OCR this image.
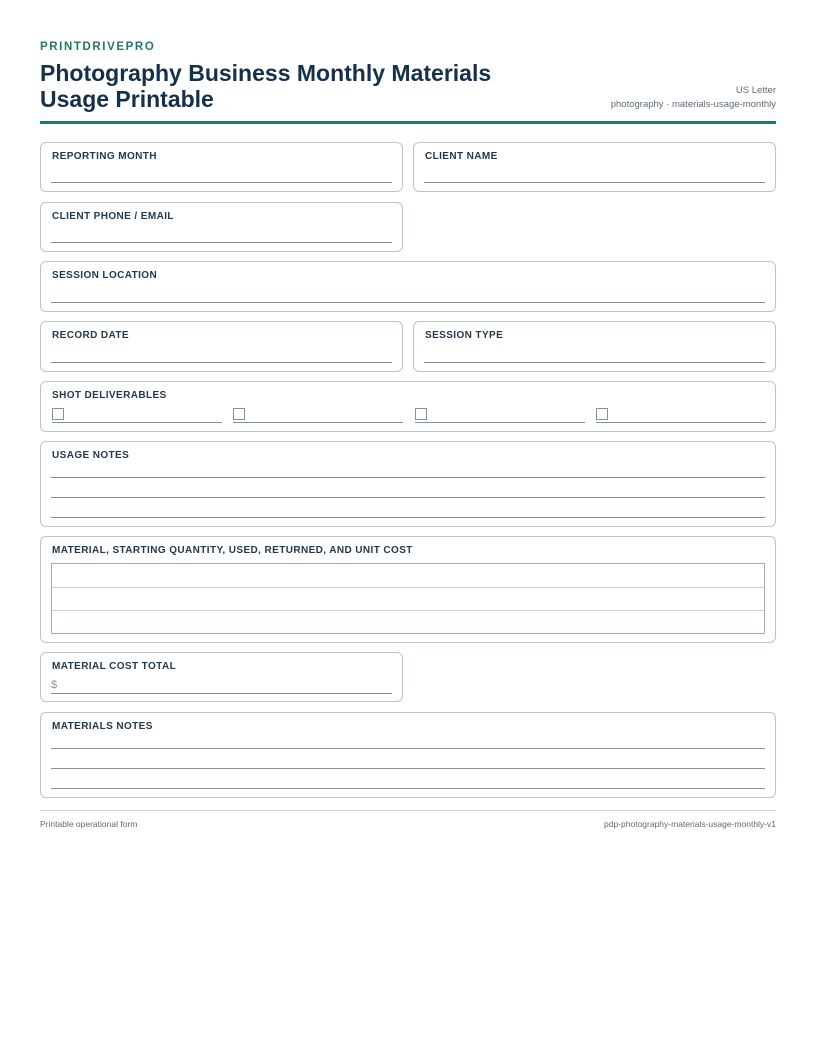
PRINTDRIVEPRO
Photography Business Monthly Materials Usage Printable	US Letter
photography · materials-usage-monthly
REPORTING MONTH	CLIENT NAME
CLIENT PHONE / EMAIL
SESSION LOCATION
RECORD DATE	SESSION TYPE
SHOT DELIVERABLES
USAGE NOTES
MATERIAL, STARTING QUANTITY, USED, RETURNED, AND UNIT COST
MATERIAL COST TOTAL
$
MATERIALS NOTES
Printable operational form	pdp-photography-materials-usage-monthly-v1
